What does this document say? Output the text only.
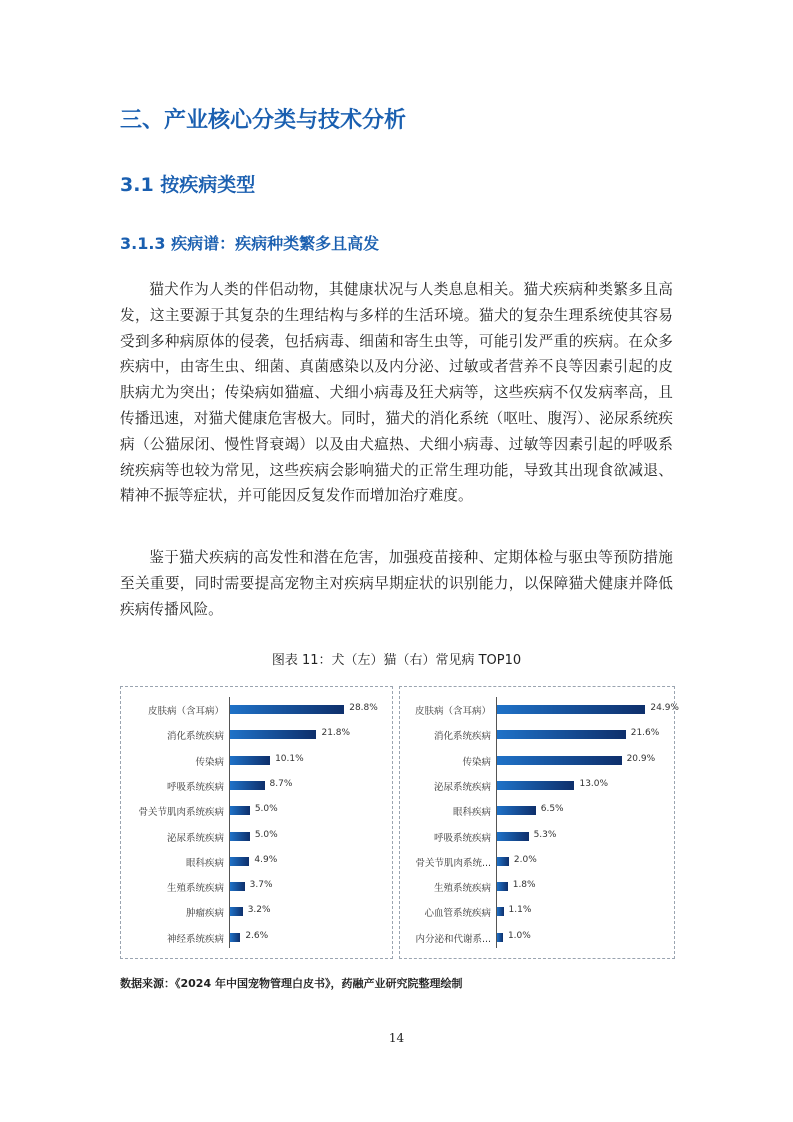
三、产业核心分类与技术分析
3.1 按疾病类型
3.1.3 疾病谱：疾病种类繁多且高发

猫犬作为人类的伴侣动物，其健康状况与人类息息相关。猫犬疾病种类繁多且高发，这主要源于其复杂的生理结构与多样的生活环境。猫犬的复杂生理系统使其容易受到多种病原体的侵袭，包括病毒、细菌和寄生虫等，可能引发严重的疾病。在众多疾病中，由寄生虫、细菌、真菌感染以及内分泌、过敏或者营养不良等因素引起的皮肤病尤为突出；传染病如猫瘟、犬细小病毒及狂犬病等，这些疾病不仅发病率高，且传播迅速，对猫犬健康危害极大。同时，猫犬的消化系统（呕吐、腹泻）、泌尿系统疾病（公猫尿闭、慢性肾衰竭）以及由犬瘟热、犬细小病毒、过敏等因素引起的呼吸系统疾病等也较为常见，这些疾病会影响猫犬的正常生理功能，导致其出现食欲减退、精神不振等症状，并可能因反复发作而增加治疗难度。

鉴于猫犬疾病的高发性和潜在危害，加强疫苗接种、定期体检与驱虫等预防措施至关重要，同时需要提高宠物主对疾病早期症状的识别能力，以保障猫犬健康并降低疾病传播风险。

图表 11：犬（左）猫（右）常见病 TOP10

皮肤病（含耳病）	28.8%
消化系统疾病	21.8%
传染病	10.1%
呼吸系统疾病	8.7%
骨关节肌肉系统疾病	5.0%
泌尿系统疾病	5.0%
眼科疾病	4.9%
生殖系统疾病	3.7%
肿瘤疾病	3.2%
神经系统疾病 2.6%
皮肤病（含耳病）	24.9%
消化系统疾病	21.6%
传染病	20.9%
泌尿系统疾病	13.0%
眼科疾病	6.5%
呼吸系统疾病	5.3%
骨关节肌肉系统...	2.0%
生殖系统疾病 1.8%
心血管系统疾病 1.1%
内分泌和代谢系... 1.0%

数据来源：《2024 年中国宠物管理白皮书》，药融产业研究院整理绘制

14
